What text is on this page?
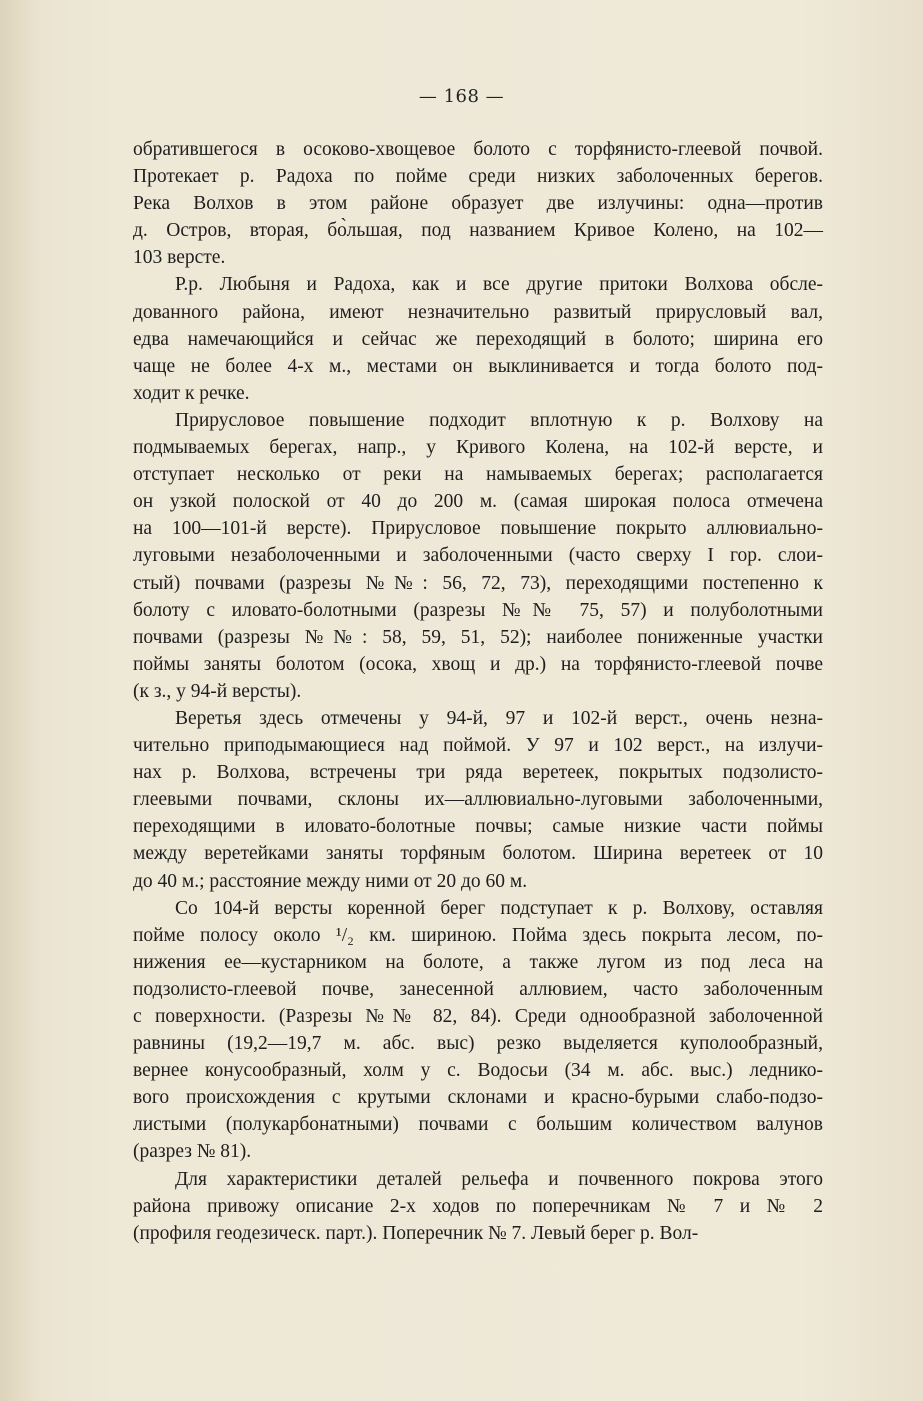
— 168 —
обратившегося в осоково-хвощевое болото с торфянисто-глеевой почвой.
Протекает р. Радоха по пойме среди низких заболоченных берегов.
Река Волхов в этом районе образует две излучины: одна—против
д. Остров, вторая, бо̀льшая, под названием Кривое Колено, на 102—
103 версте.
Р.р. Любыня и Радоха, как и все другие притоки Волхова обсле-
дованного района, имеют незначительно развитый прирусловый вал,
едва намечающийся и сейчас же переходящий в болото; ширина его
чаще не более 4-х м., местами он выклинивается и тогда болото под-
ходит к речке.
Прирусловое повышение подходит вплотную к р. Волхову на
подмываемых берегах, напр., у Кривого Колена, на 102-й версте, и
отступает несколько от реки на намываемых берегах; располагается
он узкой полоской от 40 до 200 м. (самая широкая полоса отмечена
на 100—101-й версте). Прирусловое повышение покрыто аллювиально-
луговыми незаболоченными и заболоченными (часто сверху I гор. слои-
стый) почвами (разрезы №№: 56, 72, 73), переходящими постепенно к
болоту с иловато-болотными (разрезы №№ 75, 57) и полуболотными
почвами (разрезы №№: 58, 59, 51, 52); наиболее пониженные участки
поймы заняты болотом (осока, хвощ и др.) на торфянисто-глеевой почве
(к з., у 94-й версты).
Веретья здесь отмечены у 94-й, 97 и 102-й верст., очень незна-
чительно приподымающиеся над поймой. У 97 и 102 верст., на излучи-
нах р. Волхова, встречены три ряда веретеек, покрытых подзолисто-
глеевыми почвами, склоны их—аллювиально-луговыми заболоченными,
переходящими в иловато-болотные почвы; самые низкие части поймы
между веретейками заняты торфяным болотом. Ширина веретеек от 10
до 40 м.; расстояние между ними от 20 до 60 м.
Со 104-й версты коренной берег подступает к р. Волхову, оставляя
пойме полосу около ¹/₂ км. шириною. Пойма здесь покрыта лесом, по-
нижения ее—кустарником на болоте, а также лугом из под леса на
подзолисто-глеевой почве, занесенной аллювием, часто заболоченным
с поверхности. (Разрезы №№ 82, 84). Среди однообразной заболоченной
равнины (19,2—19,7 м. абс. выс) резко выделяется куполообразный,
вернее конусообразный, холм у с. Водосьи (34 м. абс. выс.) леднико-
вого происхождения с крутыми склонами и красно-бурыми слабо-подзо-
листыми (полукарбонатными) почвами с большим количеством валунов
(разрез № 81).
Для характеристики деталей рельефа и почвенного покрова этого
района привожу описание 2-х ходов по поперечникам № 7 и № 2
(профиля геодезическ. парт.). Поперечник № 7. Левый берег р. Вол-
